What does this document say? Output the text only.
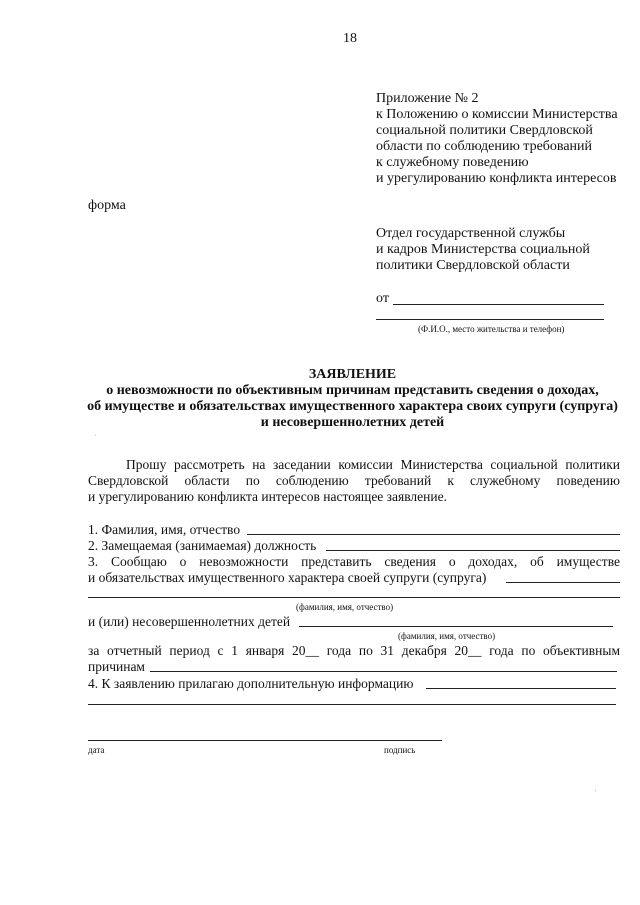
18
Приложение № 2
к Положению о комиссии Министерства
социальной политики Свердловской
области по соблюдению требований
к служебному поведению
и урегулированию конфликта интересов
форма
Отдел государственной службы
и кадров Министерства социальной
политики Свердловской области
от
(Ф.И.О., место жительства и телефон)
ЗАЯВЛЕНИЕ
о невозможности по объективным причинам представить сведения о доходах,
об имуществе и обязательствах имущественного характера своих супруги (супруга)
и несовершеннолетних детей
Прошу рассмотреть на заседании комиссии Министерства социальной политики
Свердловской области по соблюдению требований к служебному поведению
и урегулированию конфликта интересов настоящее заявление.
1. Фамилия, имя, отчество
2. Замещаемая (занимаемая) должность
3. Сообщаю о невозможности представить сведения о доходах, об имуществе
и обязательствах имущественного характера своей супруги (супруга)
(фамилия, имя, отчество)
и (или) несовершеннолетних детей
(фамилия, имя, отчество)
за отчетный период с 1 января 20__ года по 31 декабря 20__ года по объективным
причинам
4. К заявлению прилагаю дополнительную информацию
дата	подпись
